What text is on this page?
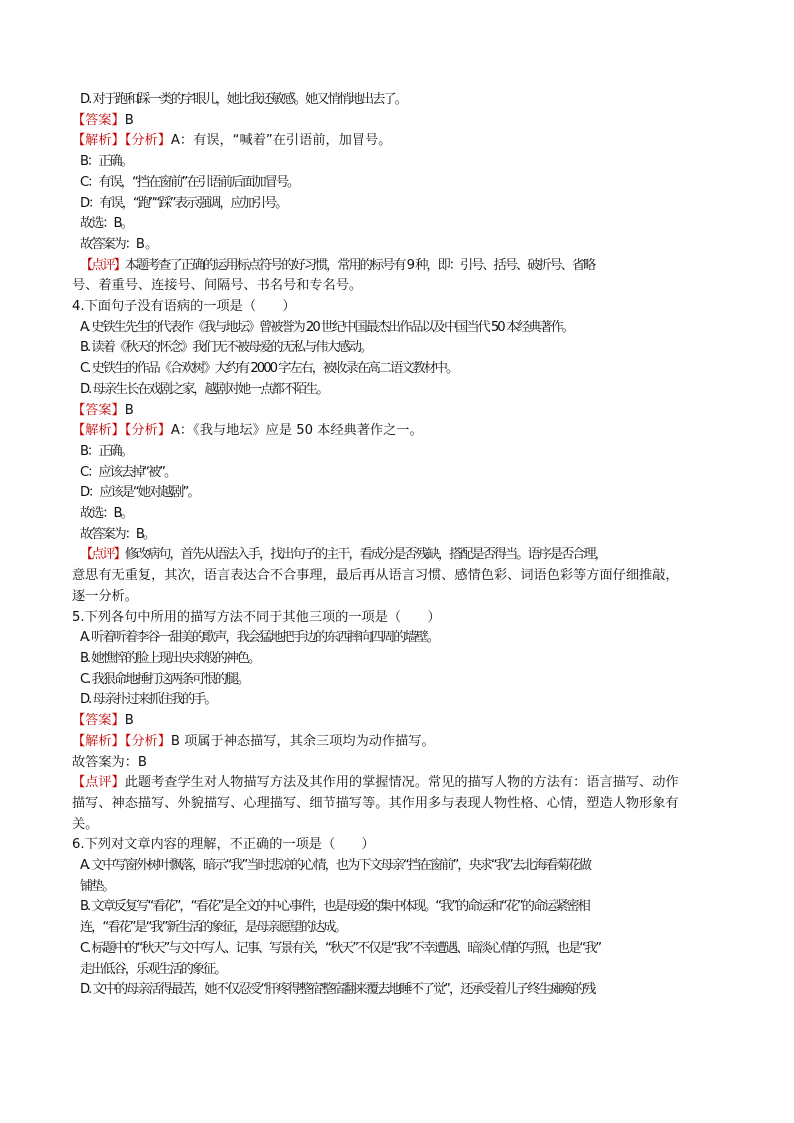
D. 对于跑和踩一类的字眼儿，她比我还敏感。她又悄悄地出去了。
【答案】B
【解析】【分析】A：有误，“喊着”在引语前，加冒号。
B：正确。
C：有误，“挡在窗前”在引语前后面加冒号。
D：有误，“跑”“踩”表示强调，应加引号。
故选：B。
故答案为：B 。
【点评】本题考查了正确的运用标点符号的好习惯，常用的标号有 9 种，即：引号、括号、破折号、省略
号、着重号、连接号、间隔号、书名号和专名号。
4.下面句子没有语病的一项是（　　）
A. 史铁生先生的代表作《我与地坛》曾被誉为 20 世纪中国最杰出作品以及中国当代 50 本经典著作。
B. 读着《秋天的怀念》我们无不被母爱的无私与伟大感动。
C. 史铁生的作品《合欢树》大约有 2000 字左右，被收录在高二语文教材中。
D. 母亲生长在戏剧之家，越剧对她一点都不陌生。
【答案】B
【解析】【分析】A：《我与地坛》应是 50 本经典著作之一。
B：正确。
C：应该去掉“被”。
D：应该是“她对越剧”。
故选：B。
故答案为：B。
【点评】修改病句，首先从语法入手，找出句子的主干，看成分是否残缺，搭配是否得当。语序是否合理，
意思有无重复，其次，语言表达合不合事理，最后再从语言习惯、感情色彩、词语色彩等方面仔细推敲，
逐一分析。
5.下列各句中所用的描写方法不同于其他三项的一项是（　　）
A. 听着听着李谷一甜美的歌声，我会猛地把手边的东西摔向四周的墙壁。
B. 她憔悴的脸上现出央求般的神色。
C. 我狠命地捶打这两条可恨的腿。
D. 母亲扑过来抓住我的手。
【答案】B
【解析】【分析】B 项属于神态描写，其余三项均为动作描写。
故答案为：B
【点评】此题考查学生对人物描写方法及其作用的掌握情况。常见的描写人物的方法有：语言描写、动作
描写、神态描写、外貌描写、心理描写、细节描写等。其作用多与表现人物性格、心情，塑造人物形象有
关。
6.下列对文章内容的理解，不正确的一项是（　　）
A. 文中写窗外树叶飘落，暗示“我”当时悲凉的心情，也为下文母亲“挡在窗前”，央求“我”去北海看菊花做
铺垫。
B. 文章反复写“看花”，“看花”是全文的中心事件，也是母爱的集中体现。“我”的命运和“花”的命运紧密相
连，“看花”是“我”新生活的象征，是母亲愿望的达成。
C. 标题中的“秋天”与文中写人、记事、写景有关，“秋天”不仅是“我”不幸遭遇、暗淡心情的写照，也是“我”
走出低谷，乐观生活的象征。
D. 文中的母亲活得最苦，她不仅忍受“肝疼得整宿整宿翻来覆去地睡不了觉”，还承受着儿子终生瘫痪的残
